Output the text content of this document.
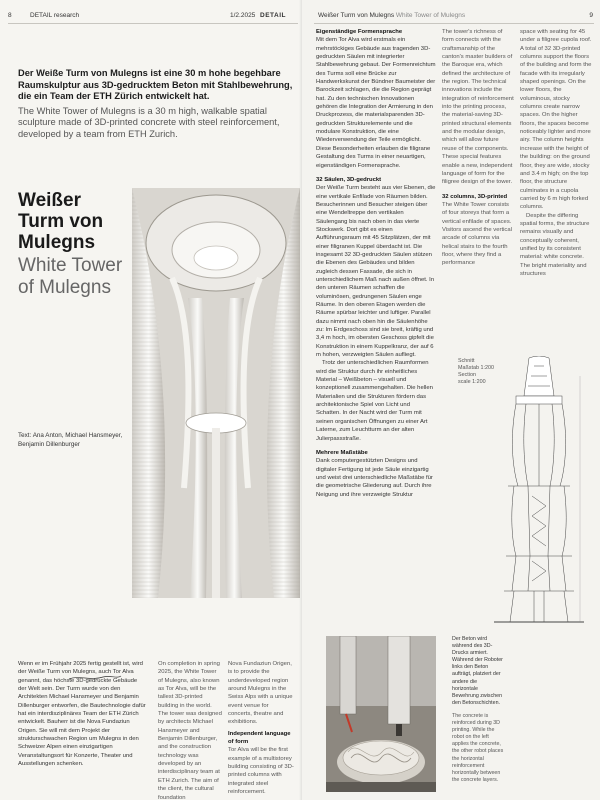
8	DETAIL research	1/2.2025 DETAIL

Der Weiße Turm von Mulegns ist eine 30 m hohe begehbare Raumskulptur aus 3D-gedrucktem Beton mit Stahlbewehrung, die ein Team der ETH Zürich entwickelt hat.

The White Tower of Mulegns is a 30 m high, walkable spatial sculpture made of 3D-printed concrete with steel reinforcement, developed by a team from ETH Zurich.

Weißer Turm von Mulegns

White Tower of Mulegns

Text: Ana Anton, Michael Hansmeyer, Benjamin Dillenburger

Wenn er im Frühjahr 2025 fertig gestellt ist, wird der Weiße Turm von Mulegns, auch Tor Alva genannt, das höchste 3D-gedruckte Gebäude der Welt sein. Der Turm wurde von den Architekten Michael Hansmeyer und Benjamin Dillenburger entworfen, die Bautechnologie dafür hat ein interdisziplinäres Team der ETH Zürich entwickelt. Bauherr ist die Nova Fundaziun Origen. Sie will mit dem Projekt der strukturschwachen Region um Mulegns in den Schweizer Alpen einen einzigartigen Veranstaltungsort für Konzerte, Theater und Ausstellungen schenken.

On completion in spring 2025, the White Tower of Mulegns, also known as Tor Alva, will be the tallest 3D-printed building in the world. The tower was designed by architects Michael Hansmeyer and Benjamin Dillenburger, and the construction technology was developed by an interdisciplinary team at ETH Zurich. The aim of the client, the cultural foundation

Nova Fundaziun Origen, is to provide the underdeveloped region around Mulegns in the Swiss Alps with a unique event venue for concerts, theatre and exhibitions.

Independent language of form

Tor Alva will be the first example of a multistorey building consisting of 3D-printed columns with integrated steel reinforcement.

Weißer Turm von Mulegns White Tower of Mulegns	9
Eigenständige Formensprache

Mit dem Tor Alva wird erstmals ein mehrstöckiges Gebäude aus tragenden 3D-gedruckten Säulen mit integrierter Stahlbewehrung gebaut. Der Formenreichtum des Turms soll eine Brücke zur Handwerkskunst der Bündner Baumeister der Barockzeit schlagen, die die Region geprägt hat. Zu den technischen Innovationen gehören die Integration der Armierung in den Druckprozess, die materialsparenden 3D-gedruckten Strukturelemente und die modulare Konstruktion, die eine Wiederverwendung der Teile ermöglicht. Diese Besonderheiten erlauben die filigrane Gestaltung des Turms in einer neuartigen, eigenständigen Formensprache.

32 Säulen, 3D-gedruckt

Der Weiße Turm besteht aus vier Ebenen, die eine vertikale Enfilade von Räumen bilden. Besucherinnen und Besucher steigen über eine Wendeltreppe den vertikalen Säulengang bis nach oben in das vierte Stockwerk. Dort gibt es einen Aufführungsraum mit 45 Sitzplätzen, der mit einer filigranen Kuppel überdacht ist. Die insgesamt 32 3D-gedruckten Säulen stützen die Ebenen des Gebäudes und bilden zugleich dessen Fassade, die sich in unterschiedlichem Maß nach außen öffnet. In den unteren Räumen schaffen die voluminösen, gedrungenen Säulen enge Räume. In den oberen Etagen werden die Räume spürbar leichter und luftiger. Parallel dazu nimmt nach oben hin die Säulenhöhe zu: Im Erdgeschoss sind sie breit, kräftig und 3,4 m hoch, im obersten Geschoss gipfelt die Konstruktion in einem Kuppelkranz, der auf 6 m hohen, verzweigten Säulen aufliegt.

Trotz der unterschiedlichen Raumformen wird die Struktur durch ihr einheitliches Material – Weißbeton – visuell und konzeptionell zusammengehalten. Die hellen Materialien und die Strukturen fördern das architektonische Spiel von Licht und Schatten. In der Nacht wird der Turm mit seinen organischen Öffnungen zu einer Art Laterne, zum Leuchtturm an der alten Julierpassstraße.

Mehrere Maßstäbe

Dank computergestützten Designs und digitaler Fertigung ist jede Säule einzigartig und weist drei unterschiedliche Maßstäbe für die geometrische Gliederung auf. Durch ihre Neigung und ihre verzweigte Struktur

The tower's richness of form connects with the craftsmanship of the canton's master builders of the Baroque era, which defined the architecture of the region. The technical innovations include the integration of reinforcement into the printing process, the material-saving 3D-printed structural elements and the modular design, which will allow future reuse of the components. These special features enable a new, independent language of form for the filigree design of the tower.

32 columns, 3D-printed

The White Tower consists of four storeys that form a vertical enfilade of spaces. Visitors ascend the vertical arcade of columns via helical stairs to the fourth floor, where they find a performance

space with seating for 45 under a filigree cupola roof. A total of 32 3D-printed columns support the floors of the building and form the facade with its irregularly shaped openings. On the lower floors, the voluminous, stocky columns create narrow spaces. On the higher floors, the spaces become noticeably lighter and more airy. The column heights increase with the height of the building: on the ground floor, they are wide, stocky and 3.4 m high; on the top floor, the structure culminates in a cupola carried by 6 m high forked columns.

Despite the differing spatial forms, the structure remains visually and conceptually coherent, unified by its consistent material: white concrete. The bright materiality and structures

Schnitt
Maßstab 1:200
Section
scale 1:200
Der Beton wird während des 3D-Drucks armiert. Während der Roboter links den Beton aufträgt, platziert der andere die horizontale Bewehrung zwischen den Betonschichten.
The concrete is reinforced during 3D printing. While the robot on the left applies the concrete, the other robot places the horizontal reinforcement horizontally between the concrete layers.
